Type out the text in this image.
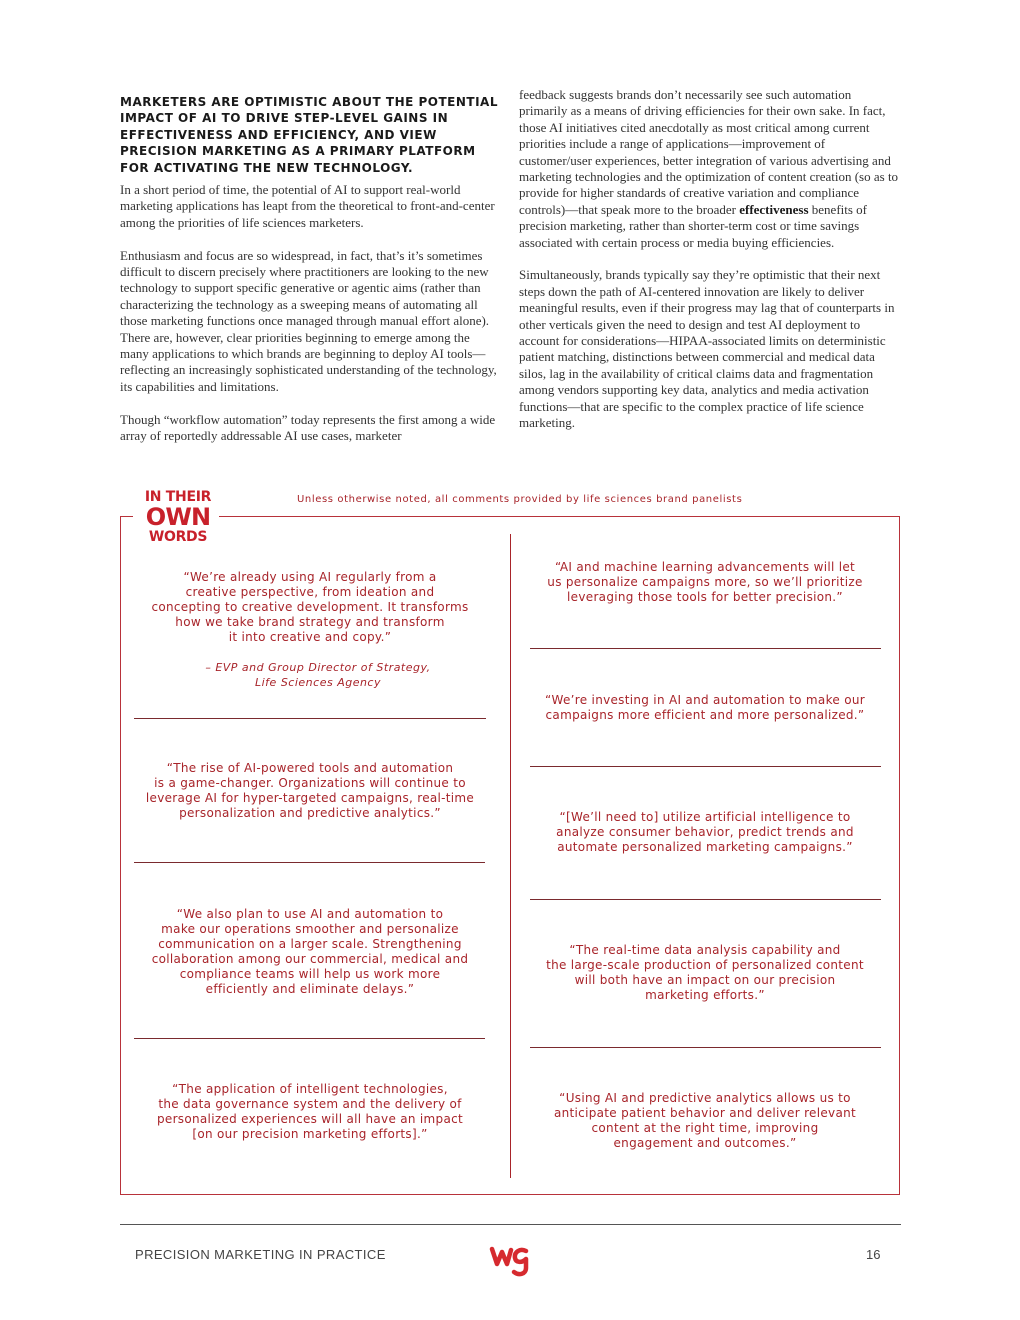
MARKETERS ARE OPTIMISTIC ABOUT THE POTENTIAL IMPACT OF AI TO DRIVE STEP-LEVEL GAINS IN EFFECTIVENESS AND EFFICIENCY, AND VIEW PRECISION MARKETING AS A PRIMARY PLATFORM FOR ACTIVATING THE NEW TECHNOLOGY.

In a short period of time, the potential of AI to support real-world marketing applications has leapt from the theoretical to front-and-center among the priorities of life sciences marketers.

Enthusiasm and focus are so widespread, in fact, that’s it’s sometimes difficult to discern precisely where practitioners are looking to the new technology to support specific generative or agentic aims (rather than characterizing the technology as a sweeping means of automating all those marketing functions once managed through manual effort alone). There are, however, clear priorities beginning to emerge among the many applications to which brands are beginning to deploy AI tools—reflecting an increasingly sophisticated understanding of the technology, its capabilities and limitations.

Though “workflow automation” today represents the first among a wide array of reportedly addressable AI use cases, marketer

feedback suggests brands don’t necessarily see such automation primarily as a means of driving efficiencies for their own sake. In fact, those AI initiatives cited anecdotally as most critical among current priorities include a range of applications—improvement of customer/user experiences, better integration of various advertising and marketing technologies and the optimization of content creation (so as to provide for higher standards of creative variation and compliance controls)—that speak more to the broader effectiveness benefits of precision marketing, rather than shorter-term cost or time savings associated with certain process or media buying efficiencies.

Simultaneously, brands typically say they’re optimistic that their next steps down the path of AI-centered innovation are likely to deliver meaningful results, even if their progress may lag that of counterparts in other verticals given the need to design and test AI deployment to account for considerations—HIPAA-associated limits on deterministic patient matching, distinctions between commercial and medical data silos, lag in the availability of critical claims data and fragmentation among vendors supporting key data, analytics and media activation functions—that are specific to the complex practice of life science marketing.

Unless otherwise noted, all comments provided by life sciences brand panelists
IN THEIR
OWN
WORDS
“We’re already using AI regularly from a
creative perspective, from ideation and
concepting to creative development. It transforms
how we take brand strategy and transform
it into creative and copy.”
– EVP and Group Director of Strategy,
Life Sciences Agency
“The rise of AI-powered tools and automation
is a game-changer. Organizations will continue to
leverage AI for hyper-targeted campaigns, real-time
personalization and predictive analytics.”
“We also plan to use AI and automation to
make our operations smoother and personalize
communication on a larger scale. Strengthening
collaboration among our commercial, medical and
compliance teams will help us work more
efficiently and eliminate delays.”
“The application of intelligent technologies,
the data governance system and the delivery of
personalized experiences will all have an impact
[on our precision marketing efforts].”
“AI and machine learning advancements will let
us personalize campaigns more, so we’ll prioritize
leveraging those tools for better precision.”
“We’re investing in AI and automation to make our
campaigns more efficient and more personalized.”
“[We’ll need to] utilize artificial intelligence to
analyze consumer behavior, predict trends and
automate personalized marketing campaigns.”
“The real-time data analysis capability and
the large-scale production of personalized content
will both have an impact on our precision
marketing efforts.”
“Using AI and predictive analytics allows us to
anticipate patient behavior and deliver relevant
content at the right time, improving
engagement and outcomes.”
PRECISION MARKETING IN PRACTICE	16
